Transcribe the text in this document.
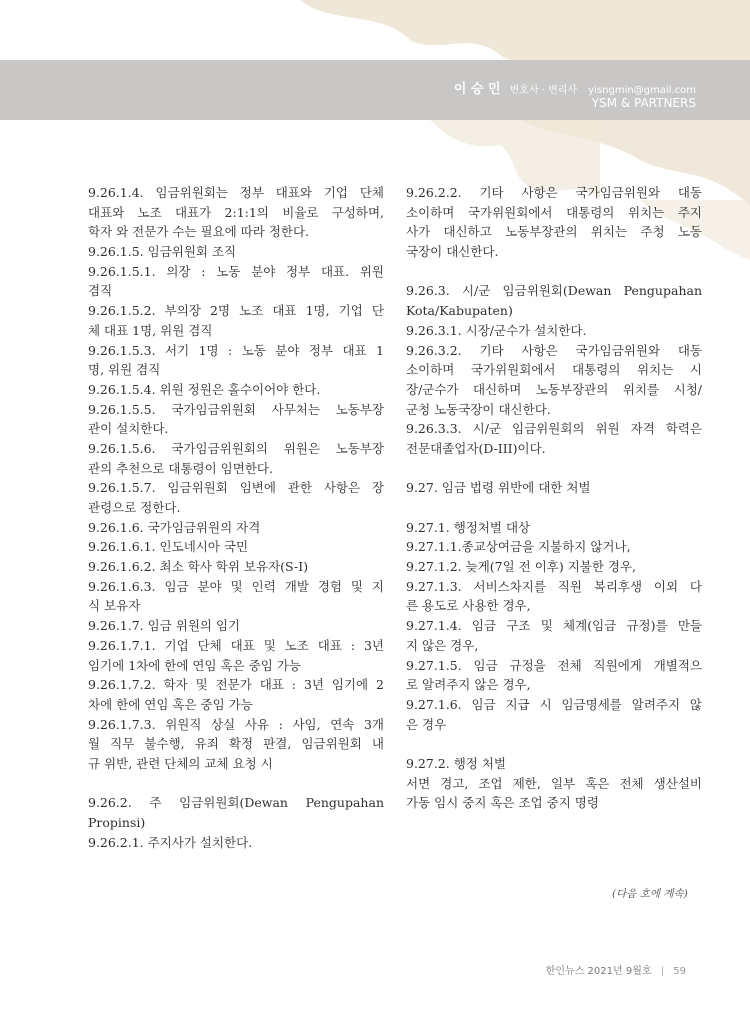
이 승 민 변호사 · 변리사 yisngmin@gmail.com
YSM & PARTNERS
9.26.1.4. 임금위원회는 정부 대표와 기업 단체
대표와 노조 대표가 2:1:1의 비율로 구성하며,
학자 와 전문가 수는 필요에 따라 정한다.
9.26.1.5. 임금위원회 조직
9.26.1.5.1. 의장 : 노동 분야 정부 대표. 위원
겸직
9.26.1.5.2. 부의장 2명 노조 대표 1명, 기업 단
체 대표 1명, 위원 겸직
9.26.1.5.3. 서기 1명 : 노동 분야 정부 대표 1
명, 위원 겸직
9.26.1.5.4. 위원 정원은 홀수이어야 한다.
9.26.1.5.5. 국가임금위원회 사무처는 노동부장
관이 설치한다.
9.26.1.5.6. 국가임금위원회의 위원은 노동부장
관의 추천으로 대통령이 임면한다.
9.26.1.5.7. 임금위원회 임변에 관한 사항은 장
관령으로 정한다.
9.26.1.6. 국가임금위원의 자격
9.26.1.6.1. 인도네시아 국민
9.26.1.6.2. 최소 학사 학위 보유자(S-I)
9.26.1.6.3. 임금 분야 및 인력 개발 경험 및 지
식 보유자
9.26.1.7. 임금 위원의 임기
9.26.1.7.1. 기업 단체 대표 및 노조 대표 : 3년
임기에 1차에 한에 연임 혹은 중임 가능
9.26.1.7.2. 학자 및 전문가 대표 : 3년 임기에 2
차에 한에 연임 혹은 중임 가능
9.26.1.7.3. 위원직 상실 사유 : 사임, 연속 3개
월 직무 불수행, 유죄 확정 판결, 임금위원회 내
규 위반, 관련 단체의 교체 요청 시
9.26.2. 주 임금위원회(Dewan Pengupahan
Propinsi)
9.26.2.1. 주지사가 설치한다.
9.26.2.2. 기타 사항은 국가임금위원와 대동
소이하며 국가위원회에서 대통령의 위치는 주지
사가 대신하고 노동부장관의 위치는 주청 노동
국장이 대신한다.
9.26.3. 시/군 임금위원회(Dewan Pengupahan
Kota/Kabupaten)
9.26.3.1. 시장/군수가 설치한다.
9.26.3.2. 기타 사항은 국가임금위원와 대동
소이하며 국가위원회에서 대통령의 위치는 시
장/군수가 대신하며 노동부장관의 위치를 시청/
군청 노동국장이 대신한다.
9.26.3.3. 시/군 임금위원회의 위원 자격 학력은
전문대졸업자(D-III)이다.
9.27. 임금 법령 위반에 대한 처벌
9.27.1. 행정처벌 대상
9.27.1.1.종교상여금을 지불하지 않거나,
9.27.1.2. 늦게(7일 전 이후) 지불한 경우,
9.27.1.3. 서비스차지를 직원 복리후생 이외 다
른 용도로 사용한 경우,
9.27.1.4. 임금 구조 및 체계(임금 규정)를 만들
지 않은 경우,
9.27.1.5. 임금 규정을 전체 직원에게 개별적으
로 알려주지 않은 경우,
9.27.1.6. 임금 지급 시 임금명세를 알려주지 않
은 경우
9.27.2. 행정 처벌
서면 경고, 조업 제한, 일부 혹은 전체 생산설비
가동 임시 중지 혹은 조업 중지 명령
(다음 호에 계속)
한인뉴스 2021년 9월호 | 59
